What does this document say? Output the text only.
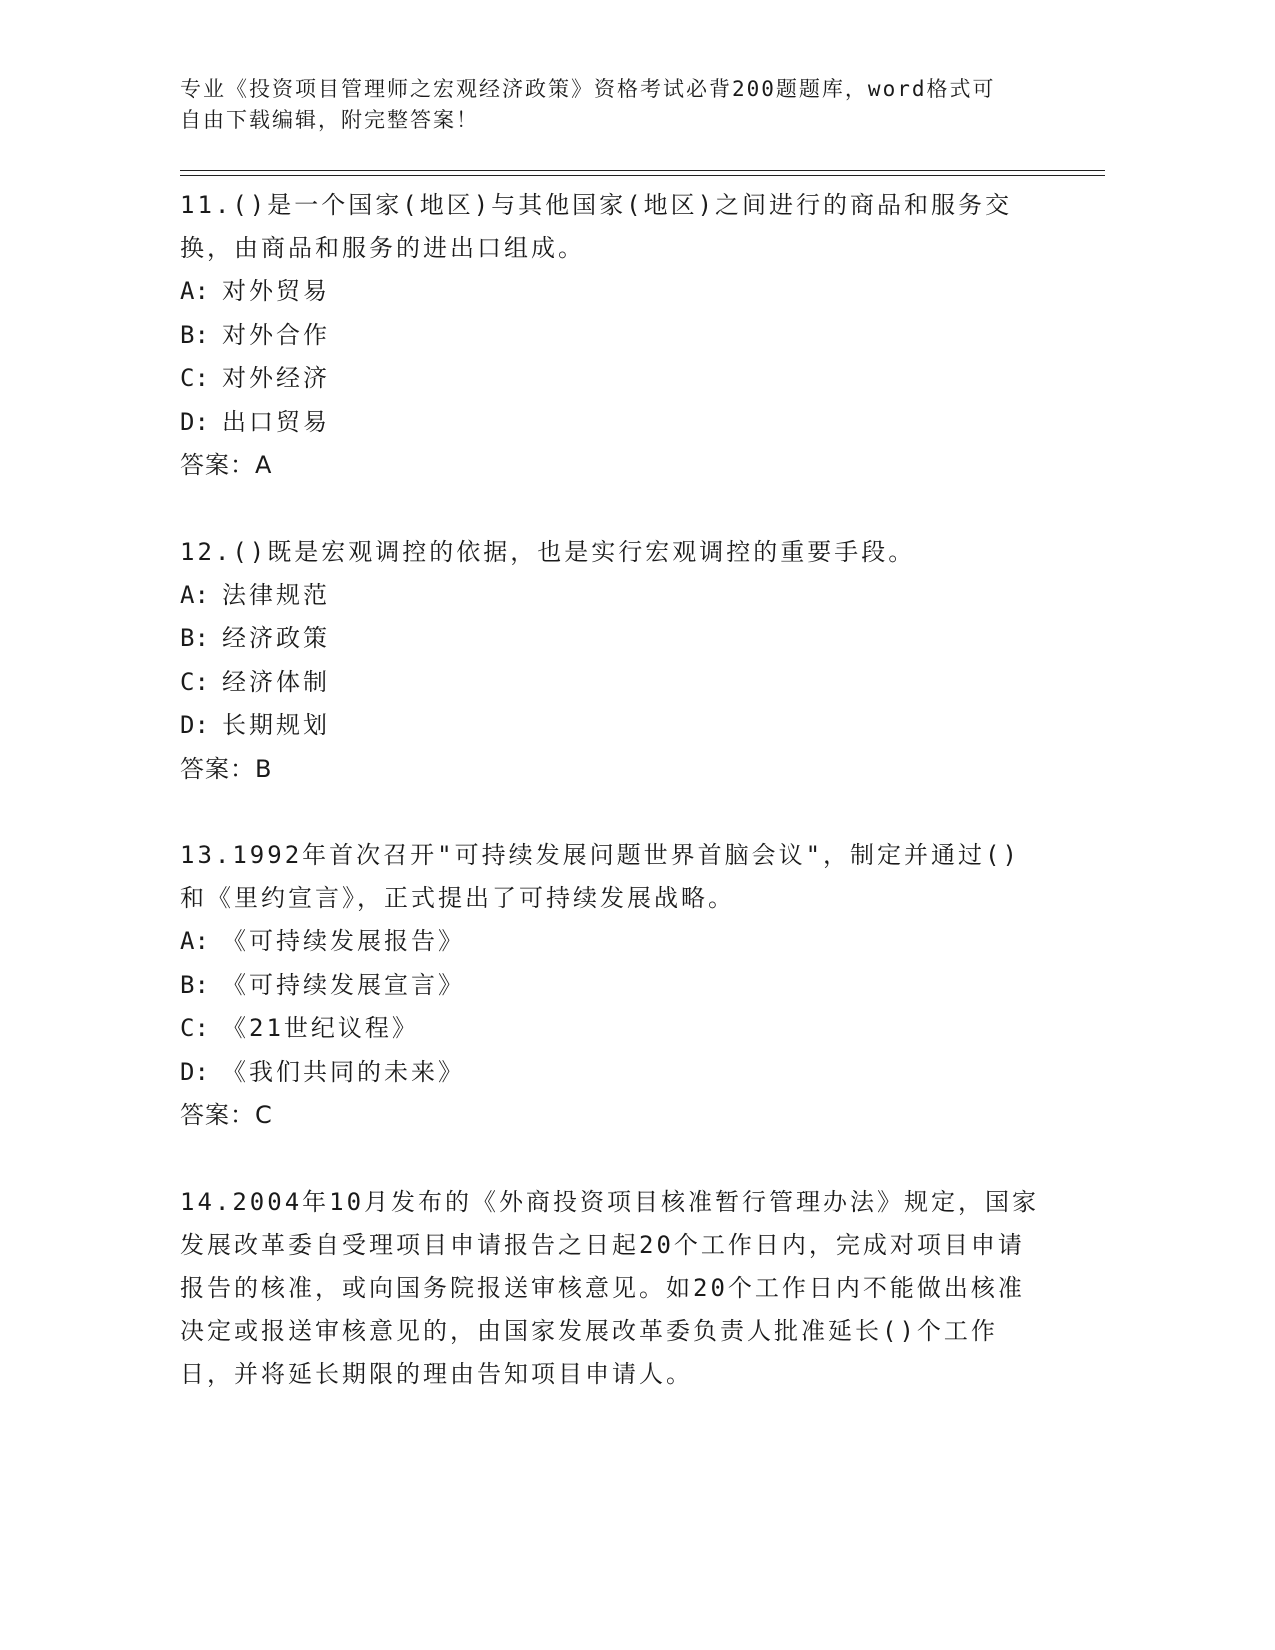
专业《投资项目管理师之宏观经济政策》资格考试必背200题题库，word格式可
自由下载编辑，附完整答案！
11.()是一个国家(地区)与其他国家(地区)之间进行的商品和服务交换，由商品和服务的进出口组成。
A: 对外贸易
B: 对外合作
C: 对外经济
D: 出口贸易
答案：A
12.()既是宏观调控的依据，也是实行宏观调控的重要手段。
A: 法律规范
B: 经济政策
C: 经济体制
D: 长期规划
答案：B
13.1992年首次召开"可持续发展问题世界首脑会议"，制定并通过()和《里约宣言》，正式提出了可持续发展战略。
A: 《可持续发展报告》
B: 《可持续发展宣言》
C: 《21世纪议程》
D: 《我们共同的未来》
答案：C
14.2004年10月发布的《外商投资项目核准暂行管理办法》规定，国家发展改革委自受理项目申请报告之日起20个工作日内，完成对项目申请报告的核准，或向国务院报送审核意见。如20个工作日内不能做出核准决定或报送审核意见的，由国家发展改革委负责人批准延长()个工作日，并将延长期限的理由告知项目申请人。
